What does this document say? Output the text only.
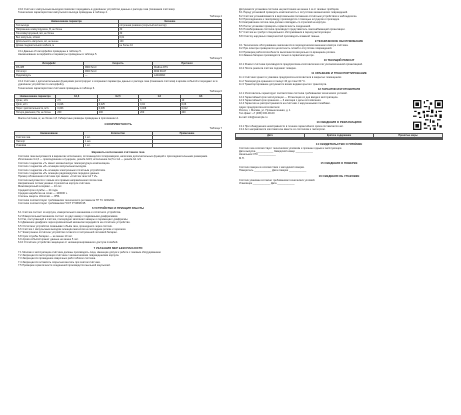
3.10 Счётчик с импульсным выходом позволяет передавать в удалённое устройство данные о расходе газа (показания счётчика).

Технические характеристики импульсного выхода приведены в таблице 4.

Таблица 4
Наименование параметра	Значение
Тип выхода	оптронная развязка (открытый коллектор)
Напряжение коммутируемое, В, не более	30
Ток коммутируемый, мА, не более	30
Вес импульса, м³/имп	0,01
Длительность импульса, мс, не менее	100
Длина соединительного кабеля, м	не более 10

3.11 Данные об интерфейсе приведены в таблице 5.

Наименование интерфейса и параметры приведены в таблице 5.

Таблица 5
Интерфейс	Скорость	Протокол
RS-485	9600 бит/с	Modbus RTU
Оптопорт	9600 бит/с	МЭК 61107
Радиомодуль	—	LoRaWAN

3.12 Счётчики с дополнительными функциями регистрируют и сохраняют параметры данных о расходе газа (показания счётчика) в архиве событий и передают их в удалённое устройство по интерфейсу.

Технические характеристики счётчиков приведены в таблице 6.

Таблица 6
Наименование параметра	G1,6	G2,5	G4	G6
Qmax, м³/ч	2,5	4	6	10
Qmin, м³/ч	0,016	0,025	0,04	0,06
Порог чувствительности, м³/ч	0,003	0,005	0,008	0,012
Потеря давления, Па, не более	200	200	200	200

Масса счётчика, кг, не более 1,8. Габаритные размеры приведены в приложении А.

4 КОМПЛЕКТНОСТЬ
Таблица 7
Наименование	Количество	Примечание
Счётчик газа	1 шт.	
Паспорт	1 экз.	
Упаковка	1 шт.	
Варианты исполнения счётчиков газа

Счётчики газа выпускаются в вариантах исполнения, отличающихся типоразмером, наличием дополнительных функций и присоединительными размерами.

Исполнение G1,6 — присоединение штуцерное, резьба G3/4; исполнение G2,5 и G4 — резьба G1 1/4.

Счётчик с индексом «Т» имеет механическую температурную компенсацию.

Счётчик с индексом «И» оснащён импульсным выходом.

Счётчик с индексом «Э» оснащён электронным отсчётным устройством.

Счётчик с индексом «Р» оснащён радиомодулем передачи данных.

Пример обозначения счётчика при заказе: «Счётчик газа G4 Т И».

Счётчик выпускается с левым или правым направлением потока газа.

Направление потока указано стрелкой на корпусе счётчика.

Межповерочный интервал — 10 лет.

Средний срок службы — 24 года.

Средняя наработка на отказ — 100000 ч.

Степень защиты оболочки — IP54.

Счётчики соответствуют требованиям технического регламента ТР ТС 020/2011.

Счётчики соответствуют требованиям ГОСТ Р 50818-95.

6 УСТРОЙСТВО И ПРИНЦИП РАБОТЫ

6.1 Счётчик состоит из корпуса, измерительного механизма и отсчётного устройства.

6.2 Измерительный механизм состоит из двух камер с подвижными диафрагмами.

6.3 Газ, поступающий в счётчик, поочерёдно заполняет камеры и перемещает диафрагмы.

6.4 Движение диафрагм через кривошипный механизм передаётся на отсчётное устройство.

6.5 Отсчётное устройство показывает объём газа, прошедшего через счётчик.

6.6 Счётчик с импульсным выходом оснащён магнитом на последнем ролике и герконом.

6.7 Электронное отсчётное устройство питается от встроенной литиевой батареи.

6.8 Срок службы батареи — не менее 10 лет.

6.9 Архив событий хранит данные не менее 5 лет.

6.10 Отсчётное устройство защищено от несанкционированного доступа пломбой.

7 УКАЗАНИЯ МЕР БЕЗОПАСНОСТИ

7.1 Монтаж и эксплуатацию счётчика должны производить лица, имеющие допуск к работе с газовым оборудованием.

7.2 Запрещается эксплуатация счётчика с механическими повреждениями корпуса.

7.3 Запрещается проведение сварочных работ вблизи счётчика.

7.4 Запрещается оставлять открытым вентиль при снятом счётчике.

7.5 Проверка герметичности соединений производится мыльной эмульсией.

Допускается установка счётчика на расстоянии не менее 1 м от газовых приборов.

8.1 Перед установкой проверить комплектность и отсутствие механических повреждений.

8.2 Счётчик устанавливается в вертикальном положении отсчётным устройством к наблюдателю.

8.3 Присоединение к газопроводу производится с помощью штуцеров и прокладок.

8.4 Направление потока газа должно совпадать со стрелкой на корпусе.

8.5 После установки проверить герметичность соединений.

8.6 Пломбирование счётчика производит представитель газоснабжающей организации.

8.7 Счётчик не требует специального обслуживания в период эксплуатации.

8.8 Очистку наружных поверхностей производить влажной тканью.

9 ТЕХНИЧЕСКОЕ ОБСЛУЖИВАНИЕ

9.1 Техническое обслуживание заключается в периодическом внешнем осмотре счётчика.

9.2 При осмотре проверяется целостность пломб и отсутствие повреждений.

9.3 Проверка работоспособности выполняется визуально по вращению ролика.

9.4 Замена батареи производится только в сервисном центре.

10 ТЕКУЩИЙ РЕМОНТ

10.1 Ремонт счётчика производится предприятием-изготовителем или уполномоченной организацией.

10.2 После ремонта счётчик подлежит поверке.

11 ХРАНЕНИЕ И ТРАНСПОРТИРОВАНИЕ

11.1 Счётчики хранят в упаковке предприятия-изготовителя в закрытых помещениях.

11.2 Температура хранения от минус 40 до плюс 60 °С.

11.3 Транспортирование допускается всеми видами крытого транспорта.

12 ГАРАНТИИ ИЗГОТОВИТЕЛЯ

12.1 Изготовитель гарантирует соответствие счётчика требованиям технических условий.

12.2 Гарантийный срок эксплуатации — 36 месяцев со дня ввода в эксплуатацию.

12.3 Гарантийный срок хранения — 6 месяцев с даты изготовления.

12.4 Гарантия не распространяется на счётчики с нарушенными пломбами.

Адрес предприятия-изготовителя:

Россия, г. Москва, ул. Промышленная, д. 1

Тел./факс: +7 (495) 000-00-00

E-mail: info@example.ru

13 СВЕДЕНИЯ О РЕКЛАМАЦИЯХ

13.1 При обнаружении неисправности в течение гарантийного срока составляется акт.

13.2 Акт направляется изготовителю вместе со счётчиком и паспортом.

Дата	Краткое содержание	Принятые меры

14 СВИДЕТЕЛЬСТВО О ПРИЁМКЕ

Счётчик газа соответствует техническим условиям и признан годным к эксплуатации.

Дата выпуска ____________ Заводской номер ____________

Начальник ОТК ____________

М.П.

15 СВЕДЕНИЯ О ПОВЕРКЕ

Счётчик поверен в соответствии с методикой поверки.

Поверитель ____________ Дата поверки ____________

16 СВЕДЕНИЯ ОБ УПАКОВКЕ

Счётчик упакован согласно требованиям технических условий.

Упаковщик ____________ Дата ____________
